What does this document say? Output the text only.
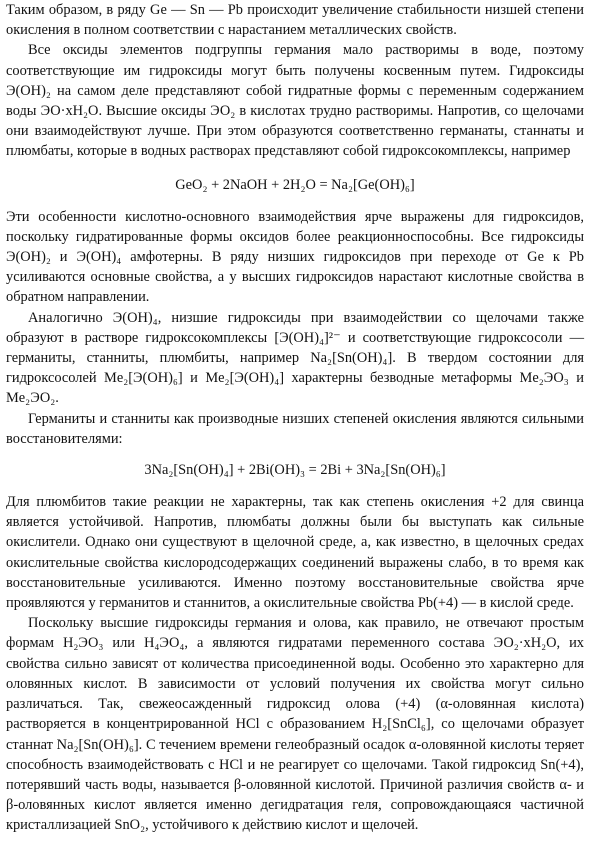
Таким образом, в ряду Ge — Sn — Pb происходит увеличение стабильности низшей степени окисления в полном соответствии с нарастанием металлических свойств.

Все оксиды элементов подгруппы германия мало растворимы в воде, поэтому соответствующие им гидроксиды могут быть получены косвенным путем. Гидроксиды Э(OH)₂ на самом деле представляют собой гидратные формы с переменным содержанием воды ЭО·xH₂O. Высшие оксиды ЭО₂ в кислотах трудно растворимы. Напротив, со щелочами они взаимодействуют лучше. При этом образуются соответственно германаты, станнаты и плюмбаты, которые в водных растворах представляют собой гидроксокомплексы, например

GeO₂ + 2NaOH + 2H₂O = Na₂[Ge(OH)₆]

Эти особенности кислотно-основного взаимодействия ярче выражены для гидроксидов, поскольку гидратированные формы оксидов более реакционноспособны. Все гидроксиды Э(OH)₂ и Э(OH)₄ амфотерны. В ряду низших гидроксидов при переходе от Ge к Pb усиливаются основные свойства, а у высших гидроксидов нарастают кислотные свойства в обратном направлении.

Аналогично Э(OH)₄, низшие гидроксиды при взаимодействии со щелочами также образуют в растворе гидроксокомплексы [Э(OH)₄]²⁻ и соответствующие гидроксосоли — германиты, станниты, плюмбиты, например Na₂[Sn(OH)₄]. В твердом состоянии для гидроксосолей Me₂[Э(OH)₆] и Me₂[Э(OH)₄] характерны безводные метаформы Me₂ЭО₃ и Me₂ЭО₂.

Германиты и станниты как производные низших степеней окисления являются сильными восстановителями:

3Na₂[Sn(OH)₄] + 2Bi(OH)₃ = 2Bi + 3Na₂[Sn(OH)₆]

Для плюмбитов такие реакции не характерны, так как степень окисления +2 для свинца является устойчивой. Напротив, плюмбаты должны были бы выступать как сильные окислители. Однако они существуют в щелочной среде, а, как известно, в щелочных средах окислительные свойства кислородсодержащих соединений выражены слабо, в то время как восстановительные усиливаются. Именно поэтому восстановительные свойства ярче проявляются у германитов и станнитов, а окислительные свойства Pb(+4) — в кислой среде.

Поскольку высшие гидроксиды германия и олова, как правило, не отвечают простым формам H₂ЭО₃ или H₄ЭО₄, а являются гидратами переменного состава ЭО₂·xH₂O, их свойства сильно зависят от количества присоединенной воды. Особенно это характерно для оловянных кислот. В зависимости от условий получения их свойства могут сильно различаться. Так, свежеосажденный гидроксид олова (+4) (α-оловянная кислота) растворяется в концентрированной HCl с образованием H₂[SnCl₆], со щелочами образует станнат Na₂[Sn(OH)₆]. С течением времени гелеобразный осадок α-оловянной кислоты теряет способность взаимодействовать с HCl и не реагирует со щелочами. Такой гидроксид Sn(+4), потерявший часть воды, называется β-оловянной кислотой. Причиной различия свойств α- и β-оловянных кислот является именно дегидратация геля, сопровождающаяся частичной кристаллизацией SnO₂, устойчивого к действию кислот и щелочей.
